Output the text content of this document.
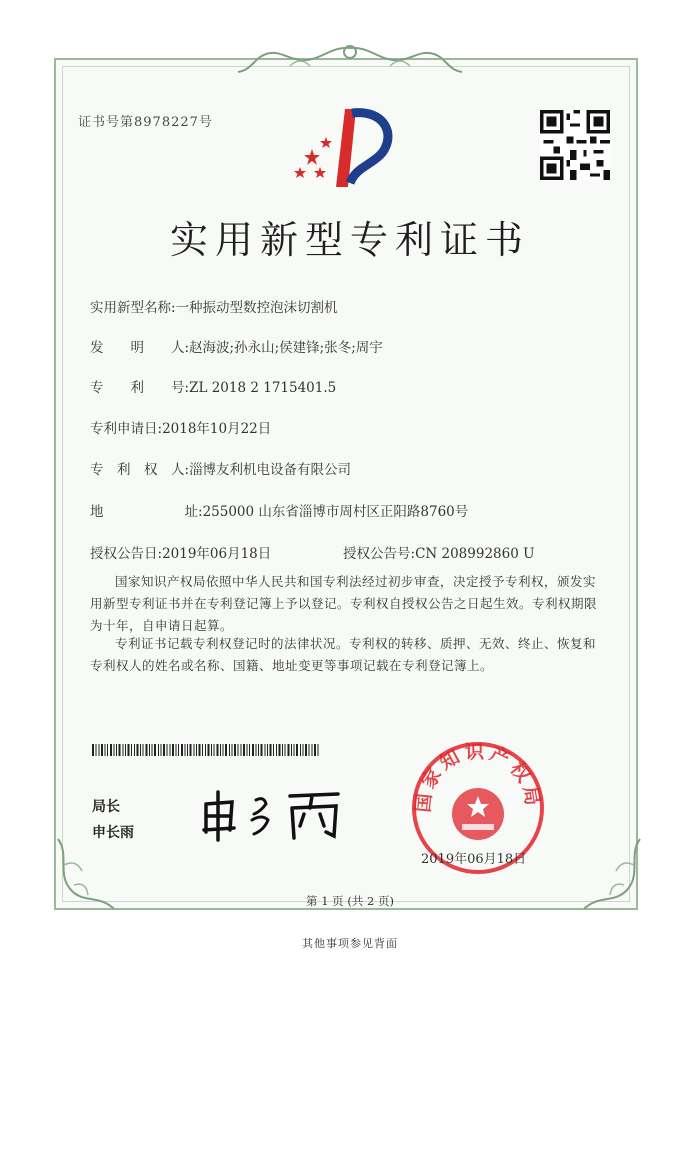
证书号第8978227号
实用新型专利证书
实用新型名称:一种振动型数控泡沫切割机
发　　明　　人:赵海波;孙永山;侯建锋;张冬;周宇
专　　利　　号:ZL 2018 2 1715401.5
专利申请日:2018年10月22日
专　利　权　人:淄博友利机电设备有限公司
地　　　　　　址:255000 山东省淄博市周村区正阳路8760号
授权公告日:2019年06月18日	授权公告号:CN 208992860 U
国家知识产权局依照中华人民共和国专利法经过初步审查，决定授予专利权，颁发实用新型专利证书并在专利登记簿上予以登记。专利权自授权公告之日起生效。专利权期限为十年，自申请日起算。
专利证书记载专利权登记时的法律状况。专利权的转移、质押、无效、终止、恢复和专利权人的姓名或名称、国籍、地址变更等事项记载在专利登记簿上。
局长
申长雨
国家知识产权局
2019年06月18日
第 1 页 (共 2 页)
其他事项参见背面
